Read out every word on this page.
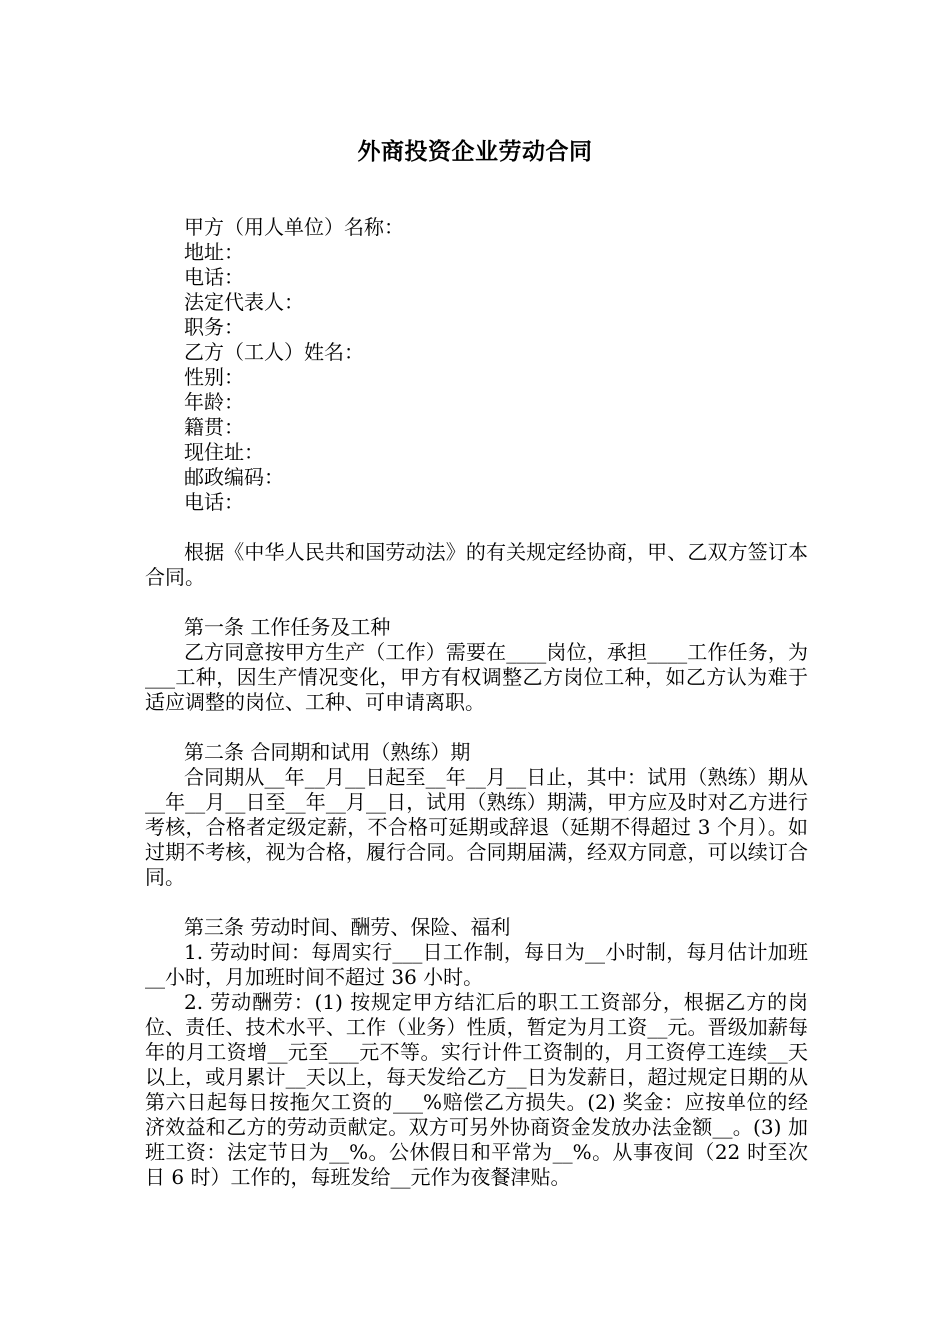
外商投资企业劳动合同
甲方（用人单位）名称：
地址：
电话：
法定代表人：
职务：
乙方（工人）姓名：
性别：
年龄：
籍贯：
现住址：
邮政编码：
电话：

根据《中华人民共和国劳动法》的有关规定经协商，甲、乙双方签订本合同。

第一条 工作任务及工种

乙方同意按甲方生产（工作）需要在____岗位，承担____工作任务，为___工种，因生产情况变化，甲方有权调整乙方岗位工种，如乙方认为难于适应调整的岗位、工种、可申请离职。

第二条 合同期和试用（熟练）期

合同期从__年__月__日起至__年__月__日止，其中：试用（熟练）期从__年__月__日至__年__月__日，试用（熟练）期满，甲方应及时对乙方进行考核，合格者定级定薪，不合格可延期或辞退（延期不得超过 3 个月）。如过期不考核，视为合格，履行合同。合同期届满，经双方同意，可以续订合同。

第三条 劳动时间、酬劳、保险、福利

1. 劳动时间：每周实行___日工作制，每日为__小时制，每月估计加班__小时，月加班时间不超过 36 小时。

2. 劳动酬劳：(1) 按规定甲方结汇后的职工工资部分，根据乙方的岗位、责任、技术水平、工作（业务）性质，暂定为月工资__元。晋级加薪每年的月工资增__元至___元不等。实行计件工资制的，月工资停工连续__天以上，或月累计__天以上，每天发给乙方__日为发薪日，超过规定日期的从第六日起每日按拖欠工资的___%赔偿乙方损失。(2) 奖金：应按单位的经济效益和乙方的劳动贡献定。双方可另外协商资金发放办法金额__。(3) 加班工资：法定节日为__%。公休假日和平常为__%。从事夜间（22 时至次日 6 时）工作的，每班发给__元作为夜餐津贴。
